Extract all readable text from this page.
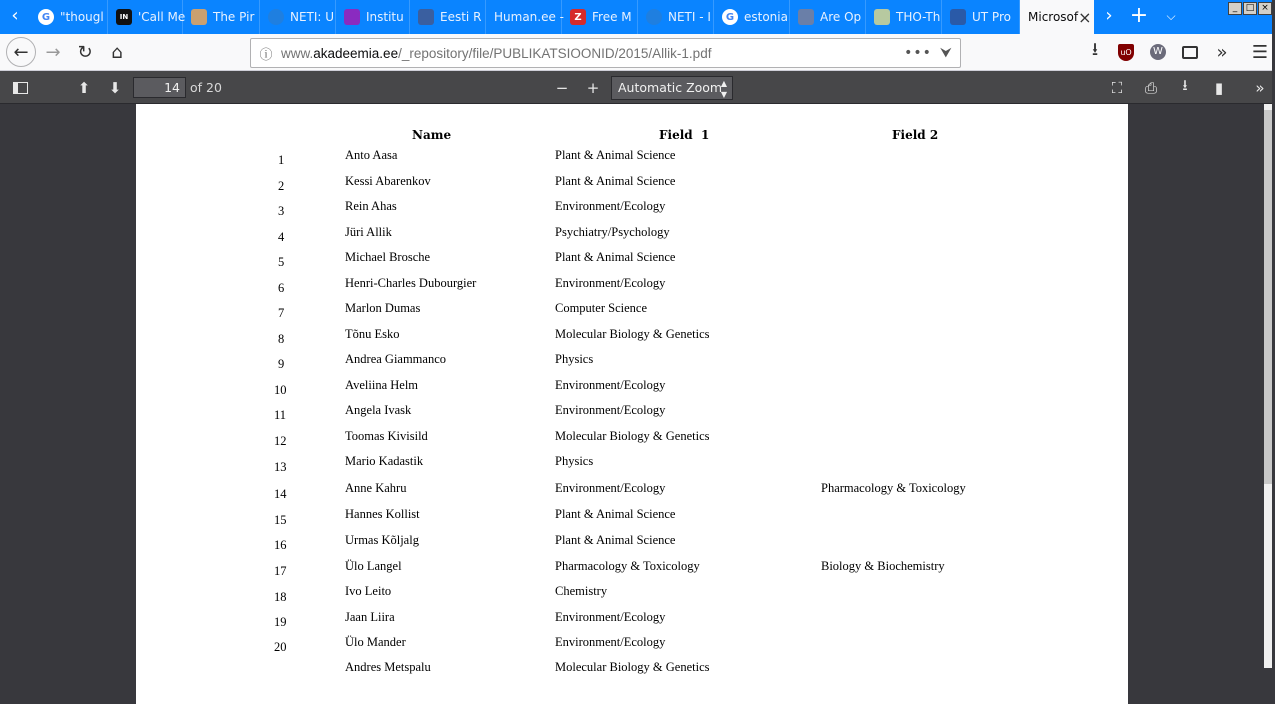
‹	G "thougl	IN 'Call Me The Pir	NETI: U	Institu	Eesti R Human.ee -	Z Free M	NETI - I	G estonia	Are Op	THO-Th	UT Pro Microsof × › +	⌵
_ □ ×
← → ↻ ⌂	ⓘ www.akadeemia.ee/_repository/file/PUBLIKATSIOONID/2015/Allik-1.pdf	••• ⮟	⭳	uO	W	» ☰
⬆ ⬇	14 of 20	− +	Automatic Zoom
▲
▼	⛶ ⎙ ⭳ ▮ »
Name	Field  1	Field 2
1	Anto Aasa	Plant & Animal Science
2	Kessi Abarenkov	Plant & Animal Science
3	Rein Ahas	Environment/Ecology
4	Jüri Allik	Psychiatry/Psychology
5	Michael Brosche	Plant & Animal Science
6	Henri-Charles Dubourgier	Environment/Ecology
7	Marlon Dumas	Computer Science
8	Tõnu Esko	Molecular Biology & Genetics
9	Andrea Giammanco	Physics
10	Aveliina Helm	Environment/Ecology
11	Angela Ivask	Environment/Ecology
12	Toomas Kivisild	Molecular Biology & Genetics
13	Mario Kadastik	Physics
14	Anne Kahru	Environment/Ecology	Pharmacology & Toxicology
15	Hannes Kollist	Plant & Animal Science
16	Urmas Kõljalg	Plant & Animal Science
17	Ülo Langel	Pharmacology & Toxicology	Biology & Biochemistry
18	Ivo Leito	Chemistry
19	Jaan Liira	Environment/Ecology
20	Ülo Mander	Environment/Ecology
Andres Metspalu	Molecular Biology & Genetics
